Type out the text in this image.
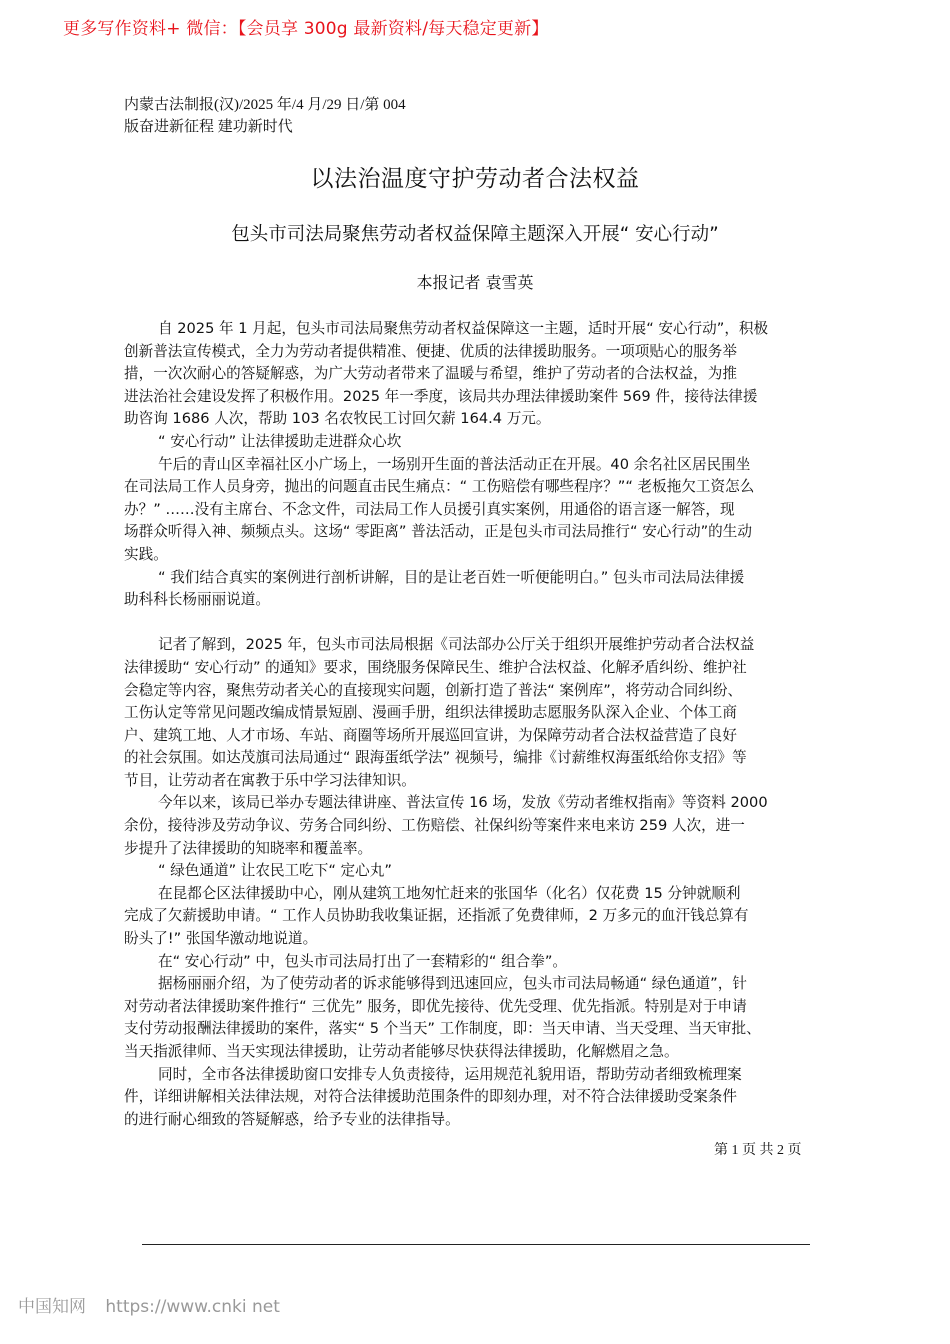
更多写作资料+ 微信：【会员享 300g 最新资料/每天稳定更新】
内蒙古法制报(汉)/2025 年/4 月/29 日/第 004
版奋进新征程 建功新时代
以法治温度守护劳动者合法权益
包头市司法局聚焦劳动者权益保障主题深入开展“ 安心行动”
本报记者 袁雪英
自 2025 年 1 月起，包头市司法局聚焦劳动者权益保障这一主题，适时开展“ 安心行动”，积极
创新普法宣传模式，全力为劳动者提供精准、便捷、优质的法律援助服务。一项项贴心的服务举
措，一次次耐心的答疑解惑，为广大劳动者带来了温暖与希望，维护了劳动者的合法权益，为推
进法治社会建设发挥了积极作用。2025 年一季度，该局共办理法律援助案件 569 件，接待法律援
助咨询 1686 人次，帮助 103 名农牧民工讨回欠薪 164.4 万元。
“ 安心行动” 让法律援助走进群众心坎
午后的青山区幸福社区小广场上，一场别开生面的普法活动正在开展。40 余名社区居民围坐
在司法局工作人员身旁，抛出的问题直击民生痛点：“ 工伤赔偿有哪些程序？”“ 老板拖欠工资怎么
办？” ……没有主席台、不念文件，司法局工作人员援引真实案例，用通俗的语言逐一解答，现
场群众听得入神、频频点头。这场“ 零距离” 普法活动，正是包头市司法局推行“ 安心行动”的生动
实践。
“ 我们结合真实的案例进行剖析讲解，目的是让老百姓一听便能明白。” 包头市司法局法律援
助科科长杨丽丽说道。
记者了解到，2025 年，包头市司法局根据《司法部办公厅关于组织开展维护劳动者合法权益
法律援助“ 安心行动” 的通知》要求，围绕服务保障民生、维护合法权益、化解矛盾纠纷、维护社
会稳定等内容，聚焦劳动者关心的直接现实问题，创新打造了普法“ 案例库”，将劳动合同纠纷、
工伤认定等常见问题改编成情景短剧、漫画手册，组织法律援助志愿服务队深入企业、个体工商
户、建筑工地、人才市场、车站、商圈等场所开展巡回宣讲，为保障劳动者合法权益营造了良好
的社会氛围。如达茂旗司法局通过“ 跟海蛋纸学法” 视频号，编排《讨薪维权海蛋纸给你支招》等
节目，让劳动者在寓教于乐中学习法律知识。
今年以来，该局已举办专题法律讲座、普法宣传 16 场，发放《劳动者维权指南》等资料 2000
余份，接待涉及劳动争议、劳务合同纠纷、工伤赔偿、社保纠纷等案件来电来访 259 人次，进一
步提升了法律援助的知晓率和覆盖率。
“ 绿色通道” 让农民工吃下“ 定心丸”
在昆都仑区法律援助中心，刚从建筑工地匆忙赶来的张国华（化名）仅花费 15 分钟就顺利
完成了欠薪援助申请。“ 工作人员协助我收集证据，还指派了免费律师，2 万多元的血汗钱总算有
盼头了!” 张国华激动地说道。
在“ 安心行动” 中，包头市司法局打出了一套精彩的“ 组合拳”。
据杨丽丽介绍，为了使劳动者的诉求能够得到迅速回应，包头市司法局畅通“ 绿色通道”，针
对劳动者法律援助案件推行“ 三优先” 服务，即优先接待、优先受理、优先指派。特别是对于申请
支付劳动报酬法律援助的案件，落实“ 5 个当天” 工作制度，即：当天申请、当天受理、当天审批、
当天指派律师、当天实现法律援助，让劳动者能够尽快获得法律援助，化解燃眉之急。
同时，全市各法律援助窗口安排专人负责接待，运用规范礼貌用语，帮助劳动者细致梳理案
件，详细讲解相关法律法规，对符合法律援助范围条件的即刻办理，对不符合法律援助受案条件
的进行耐心细致的答疑解惑，给予专业的法律指导。
第 1 页 共 2 页
中国知网 https://www.cnki net
